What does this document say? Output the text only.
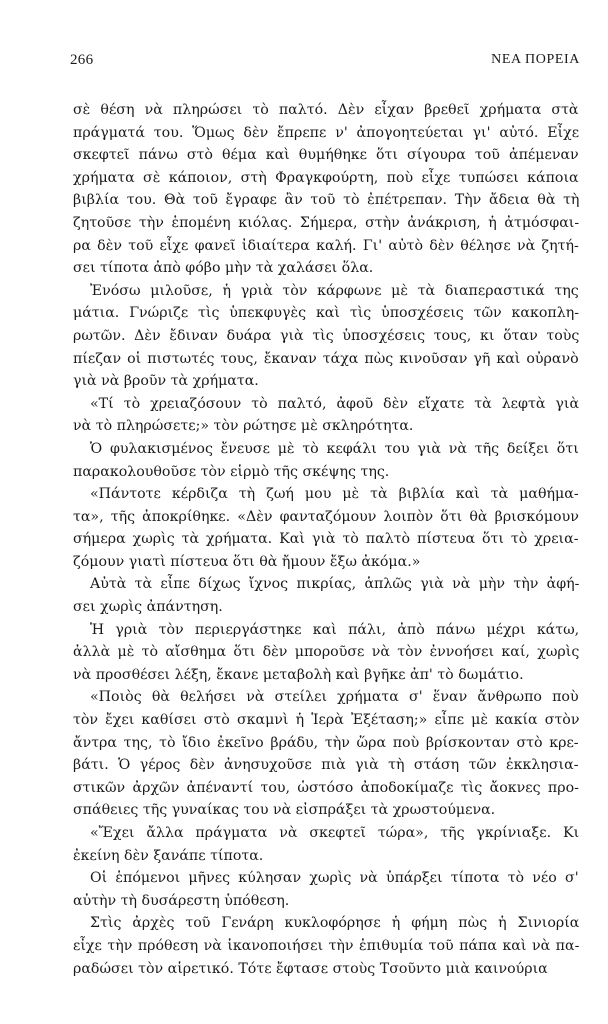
266	ΝΕΑ ΠΟΡΕΙΑ
σὲ θέση νὰ πληρώσει τὸ παλτό. Δὲν εἶχαν βρεθεῖ χρήματα στὰ
πράγματά του. Ὅμως δὲν ἔπρεπε ν' ἀπογοητεύεται γι' αὐτό. Εἶχε
σκεφτεῖ πάνω στὸ θέμα καὶ θυμήθηκε ὅτι σίγουρα τοῦ ἀπέμεναν
χρήματα σὲ κάποιον, στὴ Φραγκφούρτη, ποὺ εἶχε τυπώσει κάποια
βιβλία του. Θὰ τοῦ ἔγραφε ἂν τοῦ τὸ ἐπέτρεπαν. Τὴν ἄδεια θὰ τὴ
ζητοῦσε τὴν ἑπομένη κιόλας. Σήμερα, στὴν ἀνάκριση, ἡ ἀτμόσφαι-
ρα δὲν τοῦ εἶχε φανεῖ ἰδιαίτερα καλή. Γι' αὐτὸ δὲν θέλησε νὰ ζητή-
σει τίποτα ἀπὸ φόβο μὴν τὰ χαλάσει ὅλα.
Ἐνόσω μιλοῦσε, ἡ γριὰ τὸν κάρφωνε μὲ τὰ διαπεραστικά της
μάτια. Γνώριζε τὶς ὑπεκφυγὲς καὶ τὶς ὑποσχέσεις τῶν κακοπλη-
ρωτῶν. Δὲν ἔδιναν δυάρα γιὰ τὶς ὑποσχέσεις τους, κι ὅταν τοὺς
πίεζαν οἱ πιστωτές τους, ἔκαναν τάχα πὼς κινοῦσαν γῆ καὶ οὐρανὸ
γιὰ νὰ βροῦν τὰ χρήματα.
«Τί τὸ χρειαζόσουν τὸ παλτό, ἀφοῦ δὲν εἴχατε τὰ λεφτὰ γιὰ
νὰ τὸ πληρώσετε;» τὸν ρώτησε μὲ σκληρότητα.
Ὁ φυλακισμένος ἔνευσε μὲ τὸ κεφάλι του γιὰ νὰ τῆς δείξει ὅτι
παρακολουθοῦσε τὸν εἱρμὸ τῆς σκέψης της.
«Πάντοτε κέρδιζα τὴ ζωή μου μὲ τὰ βιβλία καὶ τὰ μαθήμα-
τα», τῆς ἀποκρίθηκε. «Δὲν φανταζόμουν λοιπὸν ὅτι θὰ βρισκόμουν
σήμερα χωρὶς τὰ χρήματα. Καὶ γιὰ τὸ παλτὸ πίστευα ὅτι τὸ χρεια-
ζόμουν γιατὶ πίστευα ὅτι θὰ ἤμουν ἔξω ἀκόμα.»
Αὐτὰ τὰ εἶπε δίχως ἴχνος πικρίας, ἁπλῶς γιὰ νὰ μὴν τὴν ἀφή-
σει χωρὶς ἀπάντηση.
Ἡ γριὰ τὸν περιεργάστηκε καὶ πάλι, ἀπὸ πάνω μέχρι κάτω,
ἀλλὰ μὲ τὸ αἴσθημα ὅτι δὲν μποροῦσε νὰ τὸν ἐννοήσει καί, χωρὶς
νὰ προσθέσει λέξη, ἔκανε μεταβολὴ καὶ βγῆκε ἀπ' τὸ δωμάτιο.
«Ποιὸς θὰ θελήσει νὰ στείλει χρήματα σ' ἕναν ἄνθρωπο ποὺ
τὸν ἔχει καθίσει στὸ σκαμνὶ ἡ Ἱερὰ Ἐξέταση;» εἶπε μὲ κακία στὸν
ἄντρα της, τὸ ἴδιο ἐκεῖνο βράδυ, τὴν ὥρα ποὺ βρίσκονταν στὸ κρε-
βάτι. Ὁ γέρος δὲν ἀνησυχοῦσε πιὰ γιὰ τὴ στάση τῶν ἐκκλησια-
στικῶν ἀρχῶν ἀπέναντί του, ὡστόσο ἀποδοκίμαζε τὶς ἄοκνες προ-
σπάθειες τῆς γυναίκας του νὰ εἰσπράξει τὰ χρωστούμενα.
«Ἔχει ἄλλα πράγματα νὰ σκεφτεῖ τώρα», τῆς γκρίνιαξε. Κι
ἐκείνη δὲν ξανάπε τίποτα.
Οἱ ἑπόμενοι μῆνες κύλησαν χωρὶς νὰ ὑπάρξει τίποτα τὸ νέο σ'
αὐτὴν τὴ δυσάρεστη ὑπόθεση.
Στὶς ἀρχὲς τοῦ Γενάρη κυκλοφόρησε ἡ φήμη πὼς ἡ Σινιορία
εἶχε τὴν πρόθεση νὰ ἱκανοποιήσει τὴν ἐπιθυμία τοῦ πάπα καὶ νὰ πα-
ραδώσει τὸν αἱρετικό. Τότε ἔφτασε στοὺς Τσοῦντο μιὰ καινούρια
